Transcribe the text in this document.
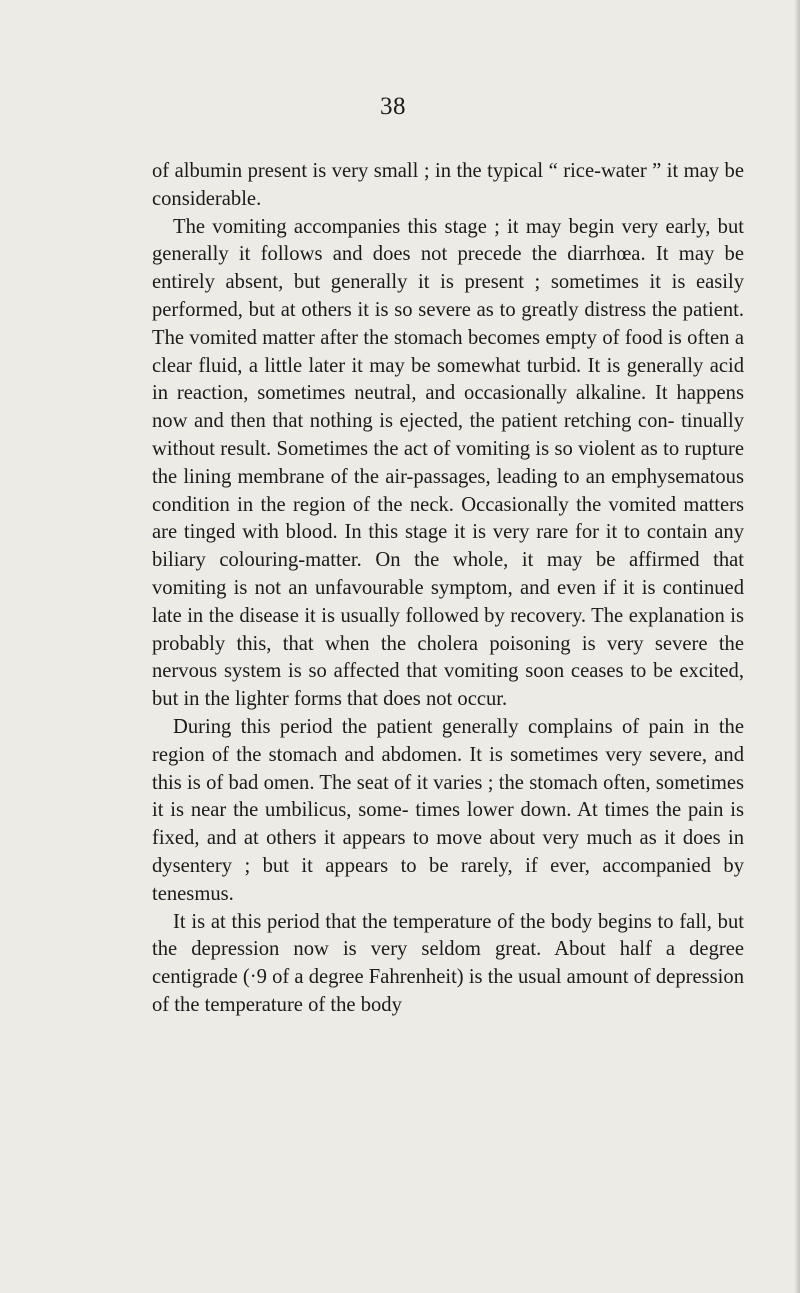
38

of albumin present is very small ; in the typical “ rice-water ” it may be considerable.

The vomiting accompanies this stage ; it may begin very early, but generally it follows and does not precede the diarrhœa. It may be entirely absent, but generally it is present ; sometimes it is easily performed, but at others it is so severe as to greatly distress the patient. The vomited matter after the stomach becomes empty of food is often a clear fluid, a little later it may be somewhat turbid. It is generally acid in reaction, sometimes neutral, and occasionally alkaline. It happens now and then that nothing is ejected, the patient retching con- tinually without result. Sometimes the act of vomiting is so violent as to rupture the lining membrane of the air-passages, leading to an emphysematous condition in the region of the neck. Occasionally the vomited matters are tinged with blood. In this stage it is very rare for it to contain any biliary colouring-matter. On the whole, it may be affirmed that vomiting is not an unfavourable symptom, and even if it is continued late in the disease it is usually followed by recovery. The explanation is probably this, that when the cholera poisoning is very severe the nervous system is so affected that vomiting soon ceases to be excited, but in the lighter forms that does not occur.

During this period the patient generally complains of pain in the region of the stomach and abdomen. It is sometimes very severe, and this is of bad omen. The seat of it varies ; the stomach often, sometimes it is near the umbilicus, some- times lower down. At times the pain is fixed, and at others it appears to move about very much as it does in dysentery ; but it appears to be rarely, if ever, accompanied by tenesmus.

It is at this period that the temperature of the body begins to fall, but the depression now is very seldom great. About half a degree centigrade (·9 of a degree Fahrenheit) is the usual amount of depression of the temperature of the body
